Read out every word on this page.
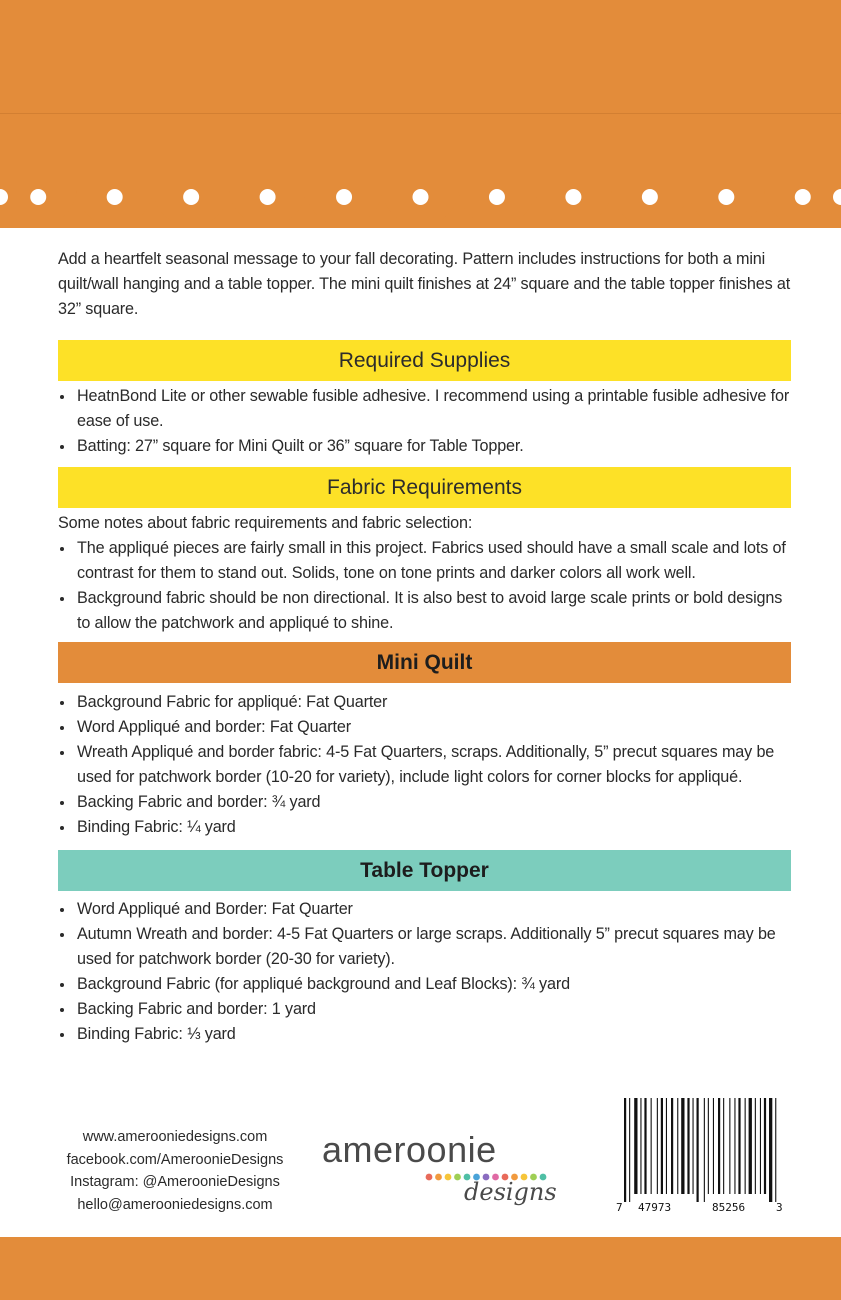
Add a heartfelt seasonal message to your fall decorating. Pattern includes instructions for both a mini quilt/wall hanging and a table topper. The mini quilt finishes at 24” square and the table topper finishes at 32” square.
Required Supplies
HeatnBond Lite or other sewable fusible adhesive. I recommend using a printable fusible adhesive for ease of use.
Batting: 27” square for Mini Quilt or 36” square for Table Topper.
Fabric Requirements
Some notes about fabric requirements and fabric selection:
The appliqué pieces are fairly small in this project. Fabrics used should have a small scale and lots of contrast for them to stand out. Solids, tone on tone prints and darker colors all work well.
Background fabric should be non directional. It is also best to avoid large scale prints or bold designs to allow the patchwork and appliqué to shine.
Mini Quilt
Background Fabric for appliqué: Fat Quarter
Word Appliqué and border: Fat Quarter
Wreath Appliqué and border fabric: 4-5 Fat Quarters, scraps. Additionally, 5” precut squares may be used for patchwork border (10-20 for variety), include light colors for corner blocks for appliqué.
Backing Fabric and border: ¾ yard
Binding Fabric: ¼ yard
Table Topper
Word Appliqué and Border: Fat Quarter
Autumn Wreath and border: 4-5 Fat Quarters or large scraps. Additionally 5” precut squares may be used for patchwork border (20-30 for variety).
Background Fabric (for appliqué background and Leaf Blocks): ¾ yard
Backing Fabric and border: 1 yard
Binding Fabric: ⅓ yard
www.amerooniedesigns.com
facebook.com/AmeroonieDesigns
Instagram: @AmeroonieDesigns
hello@amerooniedesigns.com
ameroonie
designs
7 47973	85256	3
